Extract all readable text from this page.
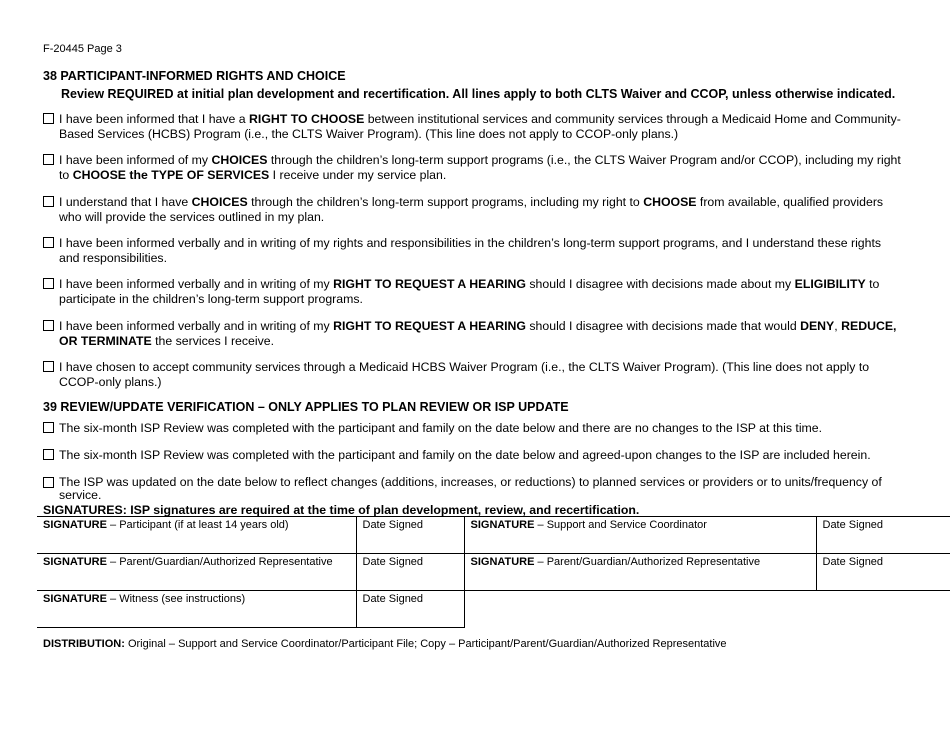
F-20445 Page 3
38 PARTICIPANT-INFORMED RIGHTS AND CHOICE
Review REQUIRED at initial plan development and recertification. All lines apply to both CLTS Waiver and CCOP, unless otherwise indicated.
I have been informed that I have a RIGHT TO CHOOSE between institutional services and community services through a Medicaid Home and Community-Based Services (HCBS) Program (i.e., the CLTS Waiver Program). (This line does not apply to CCOP-only plans.)
I have been informed of my CHOICES through the children’s long-term support programs (i.e., the CLTS Waiver Program and/or CCOP), including my right to CHOOSE the TYPE OF SERVICES I receive under my service plan.
I understand that I have CHOICES through the children’s long-term support programs, including my right to CHOOSE from available, qualified providers who will provide the services outlined in my plan.
I have been informed verbally and in writing of my rights and responsibilities in the children’s long-term support programs, and I understand these rights and responsibilities.
I have been informed verbally and in writing of my RIGHT TO REQUEST A HEARING should I disagree with decisions made about my ELIGIBILITY to participate in the children’s long-term support programs.
I have been informed verbally and in writing of my RIGHT TO REQUEST A HEARING should I disagree with decisions made that would DENY, REDUCE, OR TERMINATE the services I receive.
I have chosen to accept community services through a Medicaid HCBS Waiver Program (i.e., the CLTS Waiver Program). (This line does not apply to CCOP-only plans.)
39 REVIEW/UPDATE VERIFICATION – ONLY APPLIES TO PLAN REVIEW OR ISP UPDATE
The six-month ISP Review was completed with the participant and family on the date below and there are no changes to the ISP at this time.
The six-month ISP Review was completed with the participant and family on the date below and agreed-upon changes to the ISP are included herein.
The ISP was updated on the date below to reflect changes (additions, increases, or reductions) to planned services or providers or to units/frequency of service.
SIGNATURES: ISP signatures are required at the time of plan development, review, and recertification.
SIGNATURE – Participant (if at least 14 years old)	Date Signed	SIGNATURE – Support and Service Coordinator	Date Signed
SIGNATURE – Parent/Guardian/Authorized Representative	Date Signed	SIGNATURE – Parent/Guardian/Authorized Representative	Date Signed
SIGNATURE – Witness (see instructions)	Date Signed		
DISTRIBUTION: Original – Support and Service Coordinator/Participant File; Copy – Participant/Parent/Guardian/Authorized Representative
